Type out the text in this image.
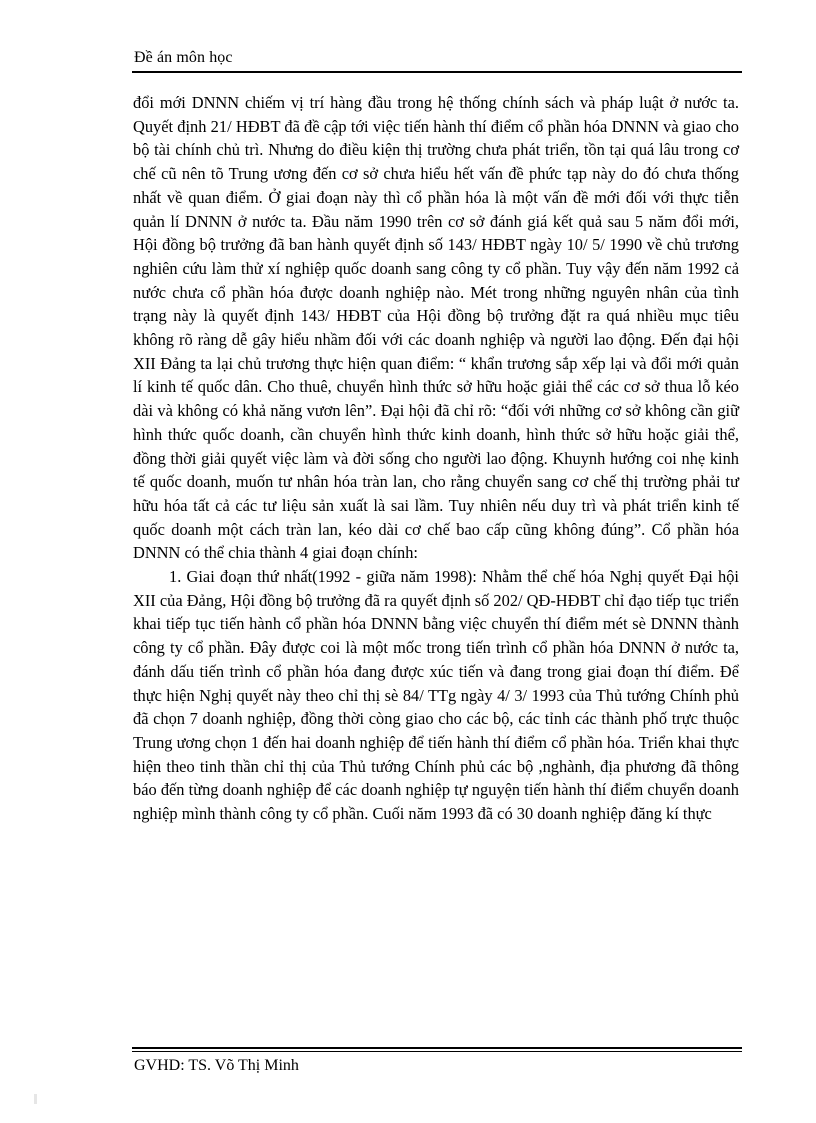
Đề án môn học

đổi mới DNNN chiếm vị trí hàng đầu trong hệ thống chính sách và pháp luật ở nước ta. Quyết định 21/ HĐBT đã đề cập tới việc tiến hành thí điểm cổ phần hóa DNNN và giao cho bộ tài chính chủ trì. Nhưng do điều kiện thị trường chưa phát triển, tồn tại quá lâu trong cơ chế cũ nên tõ Trung ương đến cơ sở chưa hiểu hết vấn đề phức tạp này do đó chưa thống nhất về quan điểm. Ở giai đoạn này thì cổ phần hóa là một vấn đề mới đối với thực tiễn quản lí DNNN ở nước ta. Đầu năm 1990 trên cơ sở đánh giá kết quả sau 5 năm đổi mới, Hội đồng bộ trưởng đã ban hành quyết định số 143/ HĐBT ngày 10/ 5/ 1990 về chủ trương nghiên cứu làm thử xí nghiệp quốc doanh sang công ty cổ phần. Tuy vậy đến năm 1992 cả nước chưa cổ phần hóa được doanh nghiệp nào. Mét trong những nguyên nhân của tình trạng này là quyết định 143/ HĐBT của Hội đồng bộ trưởng đặt ra quá nhiều mục tiêu không rõ ràng dễ gây hiểu nhầm đối với các doanh nghiệp và người lao động. Đến đại hội XII Đảng ta lại chủ trương thực hiện quan điểm: “ khẩn trương sắp xếp lại và đổi mới quản lí kinh tế quốc dân. Cho thuê, chuyển hình thức sở hữu hoặc giải thể các cơ sở thua lỗ kéo dài và không có khả năng vươn lên”. Đại hội đã chỉ rõ: “đối với những cơ sở không cần giữ hình thức quốc doanh, cần chuyển hình thức kinh doanh, hình thức sở hữu hoặc giải thể, đồng thời giải quyết việc làm và đời sống cho người lao động. Khuynh hướng coi nhẹ kinh tế quốc doanh, muốn tư nhân hóa tràn lan, cho rằng chuyển sang cơ chế thị trường phải tư hữu hóa tất cả các tư liệu sản xuất là sai lầm. Tuy nhiên nếu duy trì và phát triển kinh tế quốc doanh một cách tràn lan, kéo dài cơ chế bao cấp cũng không đúng”. Cổ phần hóa DNNN có thể chia thành 4 giai đoạn chính:

1. Giai đoạn thứ nhất(1992 - giữa năm 1998): Nhằm thể chế hóa Nghị quyết Đại hội XII của Đảng, Hội đồng bộ trưởng đã ra quyết định số 202/ QĐ-HĐBT chỉ đạo tiếp tục triển khai tiếp tục tiến hành cổ phần hóa DNNN bằng việc chuyển thí điểm mét sè DNNN thành công ty cổ phần. Đây được coi là một mốc trong tiến trình cổ phần hóa DNNN ở nước ta, đánh dấu tiến trình cổ phần hóa đang được xúc tiến và đang trong giai đoạn thí điểm. Để thực hiện Nghị quyết này theo chỉ thị sè 84/ TTg ngày 4/ 3/ 1993 của Thủ tướng Chính phủ đã chọn 7 doanh nghiệp, đồng thời còng giao cho các bộ, các tỉnh các thành phố trực thuộc Trung ương chọn 1 đến hai doanh nghiệp để tiến hành thí điểm cổ phần hóa. Triển khai thực hiện theo tinh thần chỉ thị của Thủ tướng Chính phủ các bộ ,nghành, địa phương đã thông báo đến từng doanh nghiệp để các doanh nghiệp tự nguyện tiến hành thí điểm chuyển doanh nghiệp mình thành công ty cổ phần. Cuối năm 1993 đã có 30 doanh nghiệp đăng kí thực

GVHD: TS. Võ Thị Minh
